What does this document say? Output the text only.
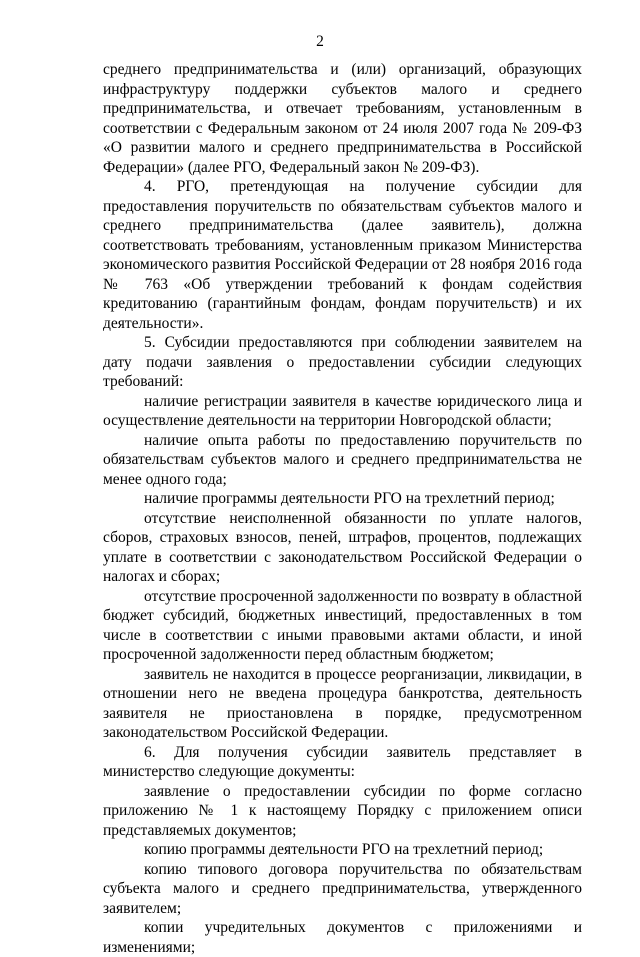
2

среднего предпринимательства и (или) организаций, образующих инфраструктуру поддержки субъектов малого и среднего предпринимательства, и отвечает требованиям, установленным в соответствии с Федеральным законом от 24 июля 2007 года № 209-ФЗ «О развитии малого и среднего предпринимательства в Российской Федерации» (далее РГО, Федеральный закон № 209-ФЗ).

4. РГО, претендующая на получение субсидии для предоставления поручительств по обязательствам субъектов малого и среднего предпринимательства (далее заявитель), должна соответствовать требованиям, установленным приказом Министерства экономического развития Российской Федерации от 28 ноября 2016 года № 763 «Об утверждении требований к фондам содействия кредитованию (гарантийным фондам, фондам поручительств) и их деятельности».

5. Субсидии предоставляются при соблюдении заявителем на дату подачи заявления о предоставлении субсидии следующих требований:

наличие регистрации заявителя в качестве юридического лица и осуществление деятельности на территории Новгородской области;

наличие опыта работы по предоставлению поручительств по обязательствам субъектов малого и среднего предпринимательства не менее одного года;

наличие программы деятельности РГО на трехлетний период;

отсутствие неисполненной обязанности по уплате налогов, сборов, страховых взносов, пеней, штрафов, процентов, подлежащих уплате в соответствии с законодательством Российской Федерации о налогах и сборах;

отсутствие просроченной задолженности по возврату в областной бюджет субсидий, бюджетных инвестиций, предоставленных в том числе в соответствии с иными правовыми актами области, и иной просроченной задолженности перед областным бюджетом;

заявитель не находится в процессе реорганизации, ликвидации, в отношении него не введена процедура банкротства, деятельность заявителя не приостановлена в порядке, предусмотренном законодательством Российской Федерации.

6. Для получения субсидии заявитель представляет в министерство следующие документы:

заявление о предоставлении субсидии по форме согласно приложению № 1 к настоящему Порядку с приложением описи представляемых документов;

копию программы деятельности РГО на трехлетний период;

копию типового договора поручительства по обязательствам субъекта малого и среднего предпринимательства, утвержденного заявителем;

копии учредительных документов с приложениями и изменениями;
